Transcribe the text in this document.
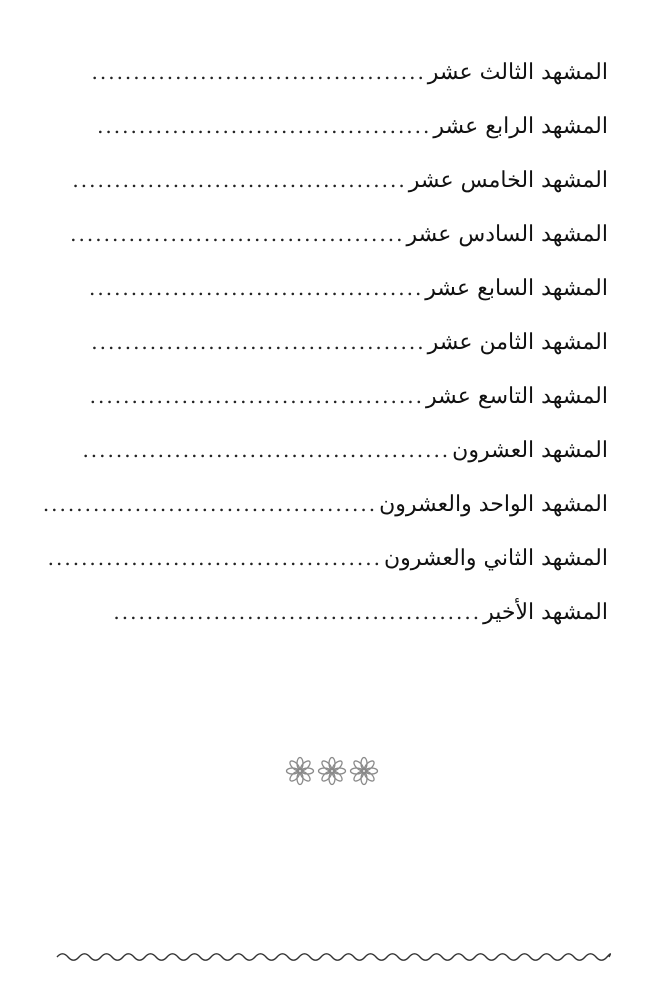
المشهد الثالث عشر
........................................
المشهد الرابع عشر
........................................
المشهد الخامس عشر
........................................
المشهد السادس عشر
........................................
المشهد السابع عشر
........................................
المشهد الثامن عشر
........................................
المشهد التاسع عشر
........................................
المشهد العشرون
............................................
المشهد الواحد والعشرون
........................................
المشهد الثاني والعشرون
........................................
المشهد الأخير
............................................
